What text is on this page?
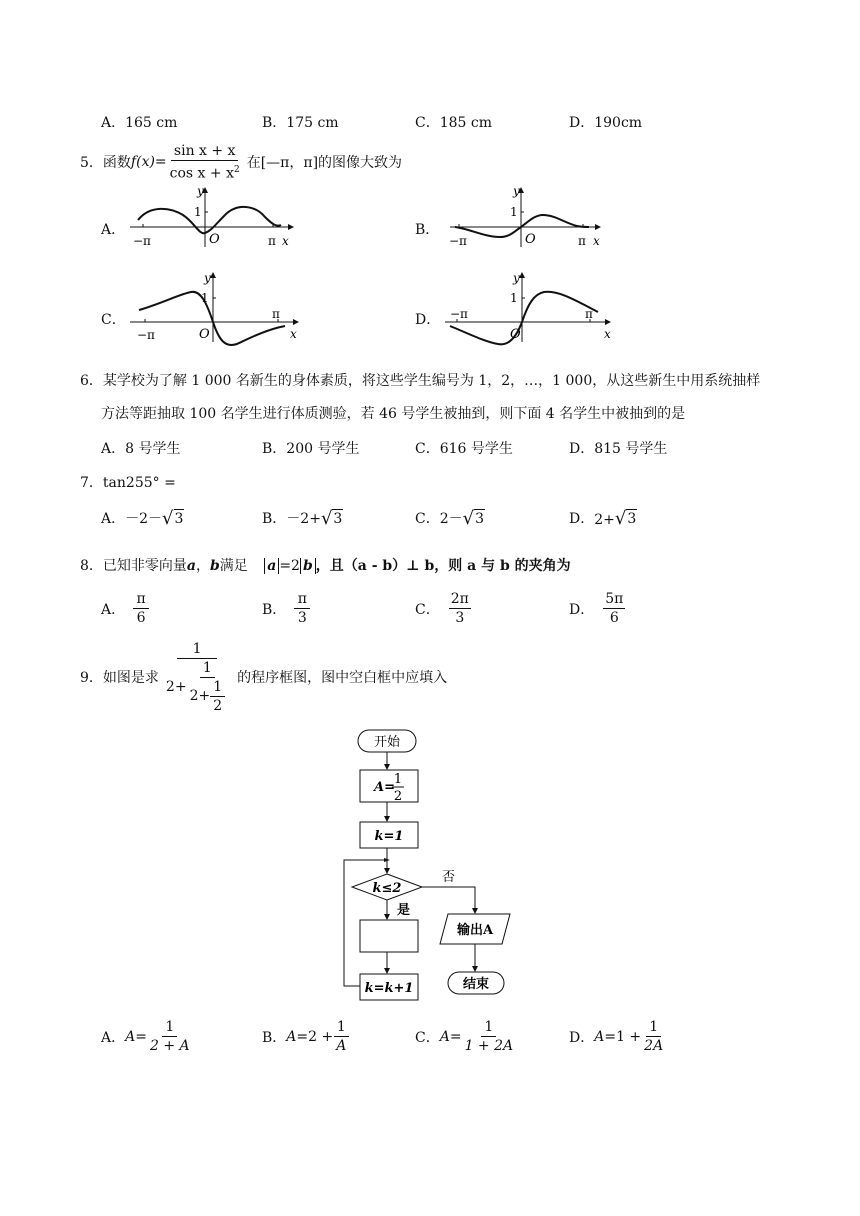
A．165 cm	B．175 cm	C．185 cm	D．190cm
5． 函数 $f(x)= \frac{\text{sin x + x}}{\cos x + x^2}$ 在[—π，π]的图像大致为
A．	B．
C．	D．
y
1
O
−π	π x
y
1
O
−π	π x
y
1
O
−π
π
x
y
1
O
−π	π
x
6．某学校为了解 1 000 名新生的身体素质，将这些学生编号为 1，2，…，1 000，从这些新生中用系统抽样
方法等距抽取 100 名学生进行体质测验，若 46 号学生被抽到，则下面 4 名学生中被抽到的是
A．8 号学生	B．200 号学生	C．616 号学生	D．815 号学生
7．tan255° =
A． －2－ √ 3	B． －2+ √ 3	C． 2－ √ 3	D． 2+ √ 3
8．已知非零向量a，b满足 a =2 b ，且（a - b）⊥ b，则 a 与 b 的夹角为
A． $\frac{\pi}{6}$	B． $\frac{\pi}{3}$	C． $\frac{2\pi}{3}$	D． $\frac{5\pi}{6}$
9． 如图是求 $\frac{1}{2+ \frac{1}{2+ \frac{1}{2}}}$ 的程序框图，图中空白框中应填入
开始
A=
1
2
k=1
k≤2
否
是
k=k+1
输出A
结束
A． $A= \frac{1}{2 + A}$	B． $A= 2 + \frac{1}{A}$	C． $A= \frac{1}{1 + 2A}$	D． $A= 1 + \frac{1}{2A}$
